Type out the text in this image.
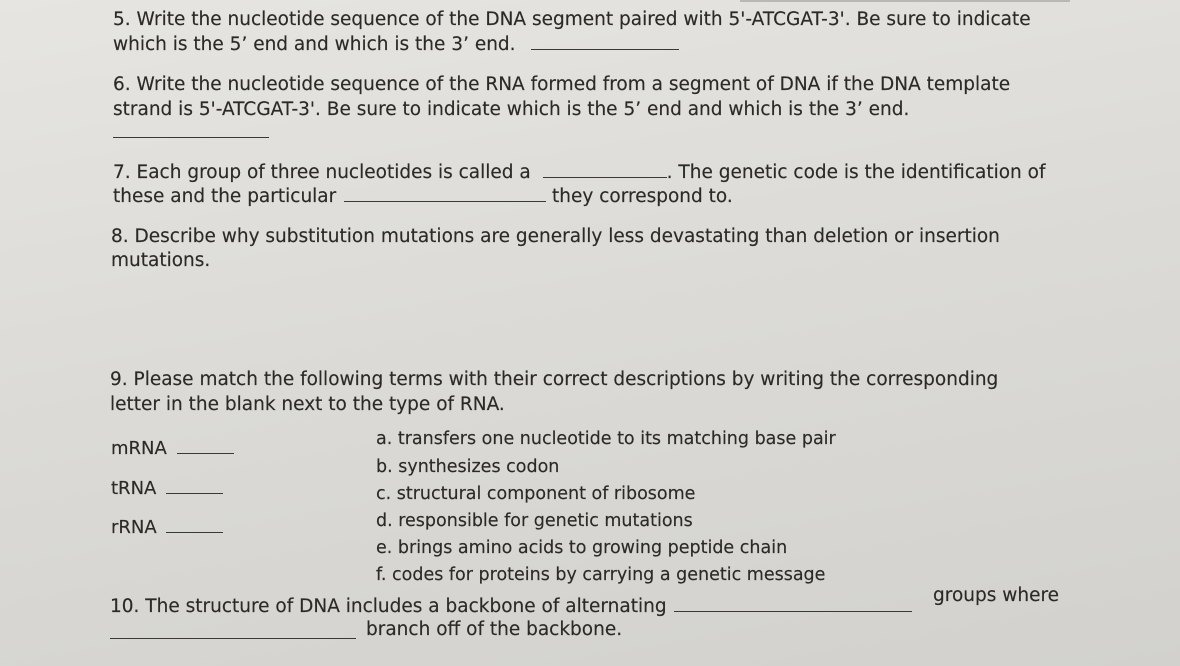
5. Write the nucleotide sequence of the DNA segment paired with 5'-ATCGAT-3'. Be sure to indicate
which is the 5’ end and which is the 3’ end.
6. Write the nucleotide sequence of the RNA formed from a segment of DNA if the DNA template
strand is 5'-ATCGAT-3'. Be sure to indicate which is the 5’ end and which is the 3’ end.
7. Each group of three nucleotides is called a	. The genetic code is the identification of
these and the particular	they correspond to.
8. Describe why substitution mutations are generally less devastating than deletion or insertion
mutations.
9. Please match the following terms with their correct descriptions by writing the corresponding
letter in the blank next to the type of RNA.
mRNA
tRNA
rRNA
a. transfers one nucleotide to its matching base pair
b. synthesizes codon
c. structural component of ribosome
d. responsible for genetic mutations
e. brings amino acids to growing peptide chain
f. codes for proteins by carrying a genetic message
10. The structure of DNA includes a backbone of alternating
groups where
branch off of the backbone.
